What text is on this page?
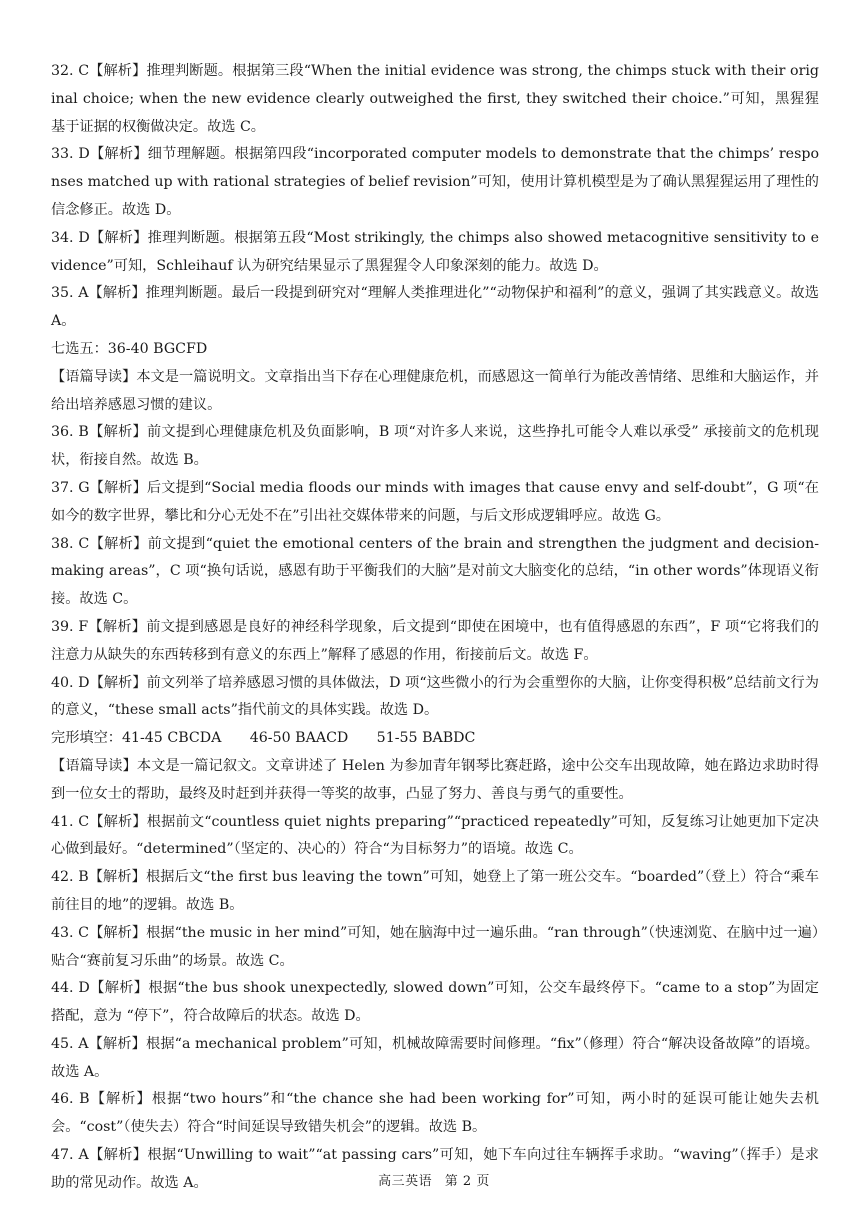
32. C【解析】推理判断题。根据第三段“When the initial evidence was strong, the chimps stuck with their original choice; when the new evidence clearly outweighed the first, they switched their choice.”可知，黑猩猩基于证据的权衡做决定。故选 C。

33. D【解析】细节理解题。根据第四段“incorporated computer models to demonstrate that the chimps’ responses matched up with rational strategies of belief revision”可知，使用计算机模型是为了确认黑猩猩运用了理性的信念修正。故选 D。

34. D【解析】推理判断题。根据第五段“Most strikingly, the chimps also showed metacognitive sensitivity to evidence”可知，Schleihauf 认为研究结果显示了黑猩猩令人印象深刻的能力。故选 D。

35. A【解析】推理判断题。最后一段提到研究对“理解人类推理进化”“动物保护和福利”的意义，强调了其实践意义。故选 A。

七选五：36-40 BGCFD

【语篇导读】本文是一篇说明文。文章指出当下存在心理健康危机，而感恩这一简单行为能改善情绪、思维和大脑运作，并给出培养感恩习惯的建议。

36. B【解析】前文提到心理健康危机及负面影响，B 项“对许多人来说，这些挣扎可能令人难以承受” 承接前文的危机现状，衔接自然。故选 B。

37. G【解析】后文提到“Social media floods our minds with images that cause envy and self-doubt”，G 项“在如今的数字世界，攀比和分心无处不在”引出社交媒体带来的问题，与后文形成逻辑呼应。故选 G。

38. C【解析】前文提到“quiet the emotional centers of the brain and strengthen the judgment and decision-making areas”，C 项“换句话说，感恩有助于平衡我们的大脑”是对前文大脑变化的总结，“in other words”体现语义衔接。故选 C。

39. F【解析】前文提到感恩是良好的神经科学现象，后文提到“即使在困境中，也有值得感恩的东西”，F 项“它将我们的注意力从缺失的东西转移到有意义的东西上”解释了感恩的作用，衔接前后文。故选 F。

40. D【解析】前文列举了培养感恩习惯的具体做法，D 项“这些微小的行为会重塑你的大脑，让你变得积极”总结前文行为的意义，“these small acts”指代前文的具体实践。故选 D。

完形填空：41-45 CBCDA　　46-50 BAACD　　51-55 BABDC

【语篇导读】本文是一篇记叙文。文章讲述了 Helen 为参加青年钢琴比赛赶路，途中公交车出现故障，她在路边求助时得到一位女士的帮助，最终及时赶到并获得一等奖的故事，凸显了努力、善良与勇气的重要性。

41. C【解析】根据前文“countless quiet nights preparing”“practiced repeatedly”可知，反复练习让她更加下定决心做到最好。“determined”（坚定的、决心的）符合“为目标努力”的语境。故选 C。

42. B【解析】根据后文“the first bus leaving the town”可知，她登上了第一班公交车。“boarded”（登上）符合“乘车前往目的地”的逻辑。故选 B。

43. C【解析】根据“the music in her mind”可知，她在脑海中过一遍乐曲。“ran through”（快速浏览、在脑中过一遍）贴合“赛前复习乐曲”的场景。故选 C。

44. D【解析】根据“the bus shook unexpectedly, slowed down”可知，公交车最终停下。“came to a stop”为固定搭配，意为 “停下”，符合故障后的状态。故选 D。

45. A【解析】根据“a mechanical problem”可知，机械故障需要时间修理。“fix”（修理）符合“解决设备故障”的语境。故选 A。

46. B【解析】根据“two hours”和“the chance she had been working for”可知，两小时的延误可能让她失去机会。“cost”（使失去）符合“时间延误导致错失机会”的逻辑。故选 B。

47. A【解析】根据“Unwilling to wait”“at passing cars”可知，她下车向过往车辆挥手求助。“waving”（挥手）是求助的常见动作。故选 A。	高三英语 第 2 页
